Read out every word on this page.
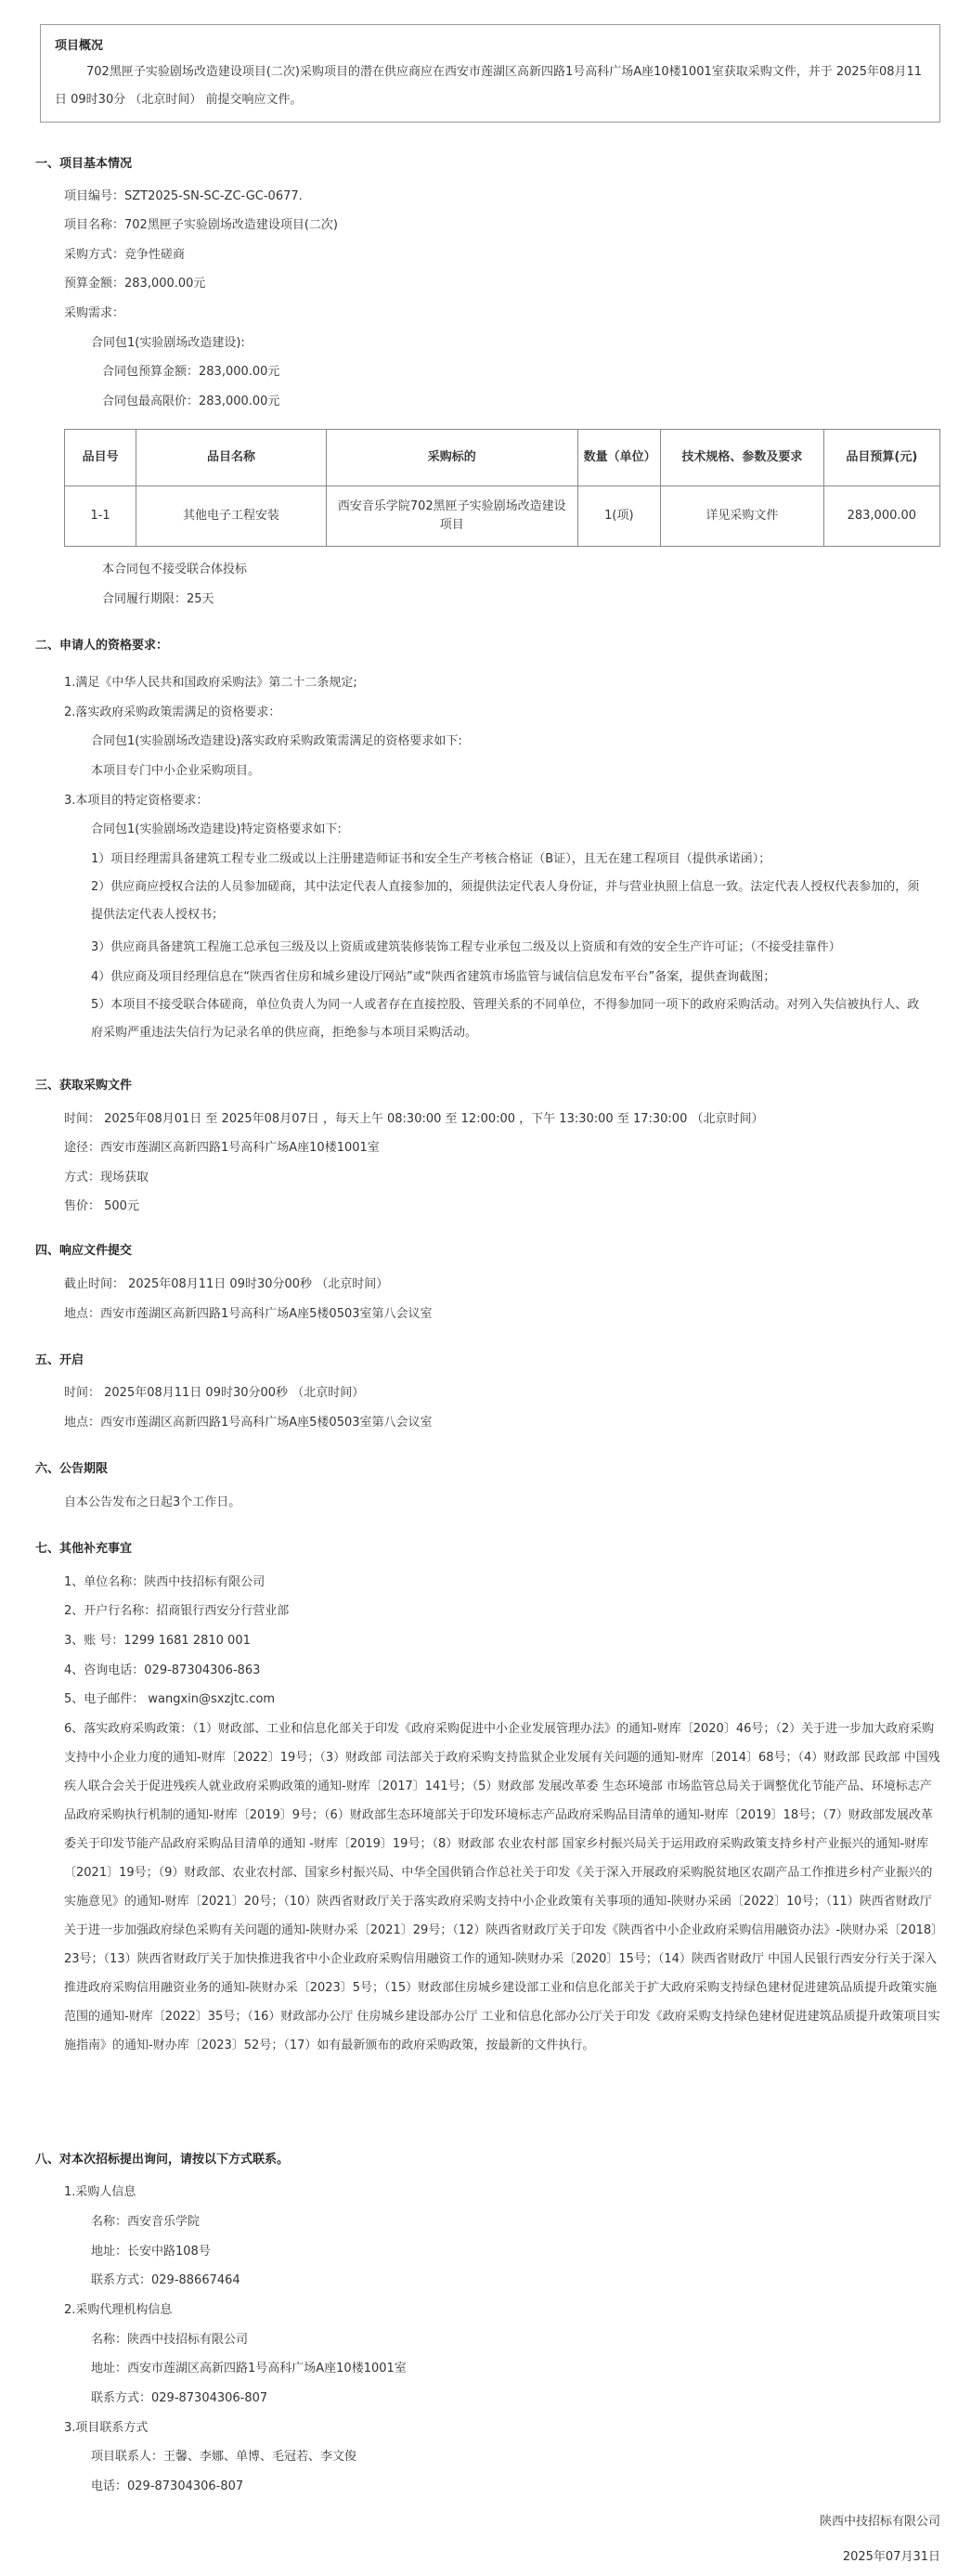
项目概况
702黑匣子实验剧场改造建设项目(二次)采购项目的潜在供应商应在西安市莲湖区高新四路1号高科广场A座10楼1001室获取采购文件，并于 2025年08月11日 09时30分 （北京时间） 前提交响应文件。
一、项目基本情况
项目编号：SZT2025-SN-SC-ZC-GC-0677.
项目名称：702黑匣子实验剧场改造建设项目(二次)
采购方式：竞争性磋商
预算金额：283,000.00元
采购需求：
合同包1(实验剧场改造建设):
合同包预算金额：283,000.00元
合同包最高限价：283,000.00元
品目号	品目名称	采购标的	数量（单位）	技术规格、参数及要求	品目预算(元)
1-1	其他电子工程安装	西安音乐学院702黑匣子实验剧场改造建设项目	1(项)	详见采购文件	283,000.00
本合同包不接受联合体投标
合同履行期限：25天
二、申请人的资格要求：
1.满足《中华人民共和国政府采购法》第二十二条规定;
2.落实政府采购政策需满足的资格要求：
合同包1(实验剧场改造建设)落实政府采购政策需满足的资格要求如下:
本项目专门中小企业采购项目。
3.本项目的特定资格要求：
合同包1(实验剧场改造建设)特定资格要求如下:
1）项目经理需具备建筑工程专业二级或以上注册建造师证书和安全生产考核合格证（B证），且无在建工程项目（提供承诺函）；
2）供应商应授权合法的人员参加磋商，其中法定代表人直接参加的，须提供法定代表人身份证，并与营业执照上信息一致。法定代表人授权代表参加的，须提供法定代表人授权书；
3）供应商具备建筑工程施工总承包三级及以上资质或建筑装修装饰工程专业承包二级及以上资质和有效的安全生产许可证；（不接受挂靠件）
4）供应商及项目经理信息在“陕西省住房和城乡建设厅网站”或“陕西省建筑市场监管与诚信信息发布平台”备案，提供查询截图；
5）本项目不接受联合体磋商，单位负责人为同一人或者存在直接控股、管理关系的不同单位，不得参加同一项下的政府采购活动。对列入失信被执行人、政府采购严重违法失信行为记录名单的供应商，拒绝参与本项目采购活动。
三、获取采购文件
时间： 2025年08月01日 至 2025年08月07日 ，每天上午 08:30:00 至 12:00:00 ，下午 13:30:00 至 17:30:00 （北京时间）
途径：西安市莲湖区高新四路1号高科广场A座10楼1001室
方式：现场获取
售价： 500元
四、响应文件提交
截止时间： 2025年08月11日 09时30分00秒 （北京时间）
地点：西安市莲湖区高新四路1号高科广场A座5楼0503室第八会议室
五、开启
时间： 2025年08月11日 09时30分00秒 （北京时间）
地点：西安市莲湖区高新四路1号高科广场A座5楼0503室第八会议室
六、公告期限
自本公告发布之日起3个工作日。
七、其他补充事宜
1、单位名称：陕西中技招标有限公司
2、开户行名称：招商银行西安分行营业部
3、账 号：1299 1681 2810 001
4、咨询电话：029-87304306-863
5、电子邮件： wangxin@sxzjtc.com
6、落实政府采购政策：（1）财政部、工业和信息化部关于印发《政府采购促进中小企业发展管理办法》的通知-财库〔2020〕46号；（2）关于进一步加大政府采购支持中小企业力度的通知-财库〔2022〕19号；（3）财政部 司法部关于政府采购支持监狱企业发展有关问题的通知-财库〔2014〕68号；（4）财政部 民政部 中国残疾人联合会关于促进残疾人就业政府采购政策的通知-财库〔2017〕141号；（5）财政部 发展改革委 生态环境部 市场监管总局关于调整优化节能产品、环境标志产品政府采购执行机制的通知-财库〔2019〕9号；（6）财政部生态环境部关于印发环境标志产品政府采购品目清单的通知-财库〔2019〕18号；（7）财政部发展改革委关于印发节能产品政府采购品目清单的通知 -财库〔2019〕19号；（8）财政部 农业农村部 国家乡村振兴局关于运用政府采购政策支持乡村产业振兴的通知-财库〔2021〕19号；（9）财政部、农业农村部、国家乡村振兴局、中华全国供销合作总社关于印发《关于深入开展政府采购脱贫地区农副产品工作推进乡村产业振兴的实施意见》的通知-财库〔2021〕20号；（10）陕西省财政厅关于落实政府采购支持中小企业政策有关事项的通知-陕财办采函〔2022〕10号；（11）陕西省财政厅关于进一步加强政府绿色采购有关问题的通知-陕财办采〔2021〕29号；（12）陕西省财政厅关于印发《陕西省中小企业政府采购信用融资办法》-陕财办采〔2018〕23号；（13）陕西省财政厅关于加快推进我省中小企业政府采购信用融资工作的通知-陕财办采〔2020〕15号；（14）陕西省财政厅 中国人民银行西安分行关于深入推进政府采购信用融资业务的通知-陕财办采〔2023〕5号；（15）财政部住房城乡建设部工业和信息化部关于扩大政府采购支持绿色建材促进建筑品质提升政策实施范围的通知-财库〔2022〕35号；（16）财政部办公厅 住房城乡建设部办公厅 工业和信息化部办公厅关于印发《政府采购支持绿色建材促进建筑品质提升政策项目实施指南》的通知-财办库〔2023〕52号；（17）如有最新颁布的政府采购政策，按最新的文件执行。
八、对本次招标提出询问，请按以下方式联系。
1.采购人信息
名称：西安音乐学院
地址：长安中路108号
联系方式：029-88667464
2.采购代理机构信息
名称：陕西中技招标有限公司
地址：西安市莲湖区高新四路1号高科广场A座10楼1001室
联系方式：029-87304306-807
3.项目联系方式
项目联系人：王馨、李娜、单博、毛冠若、李文俊
电话：029-87304306-807
陕西中技招标有限公司
2025年07月31日
